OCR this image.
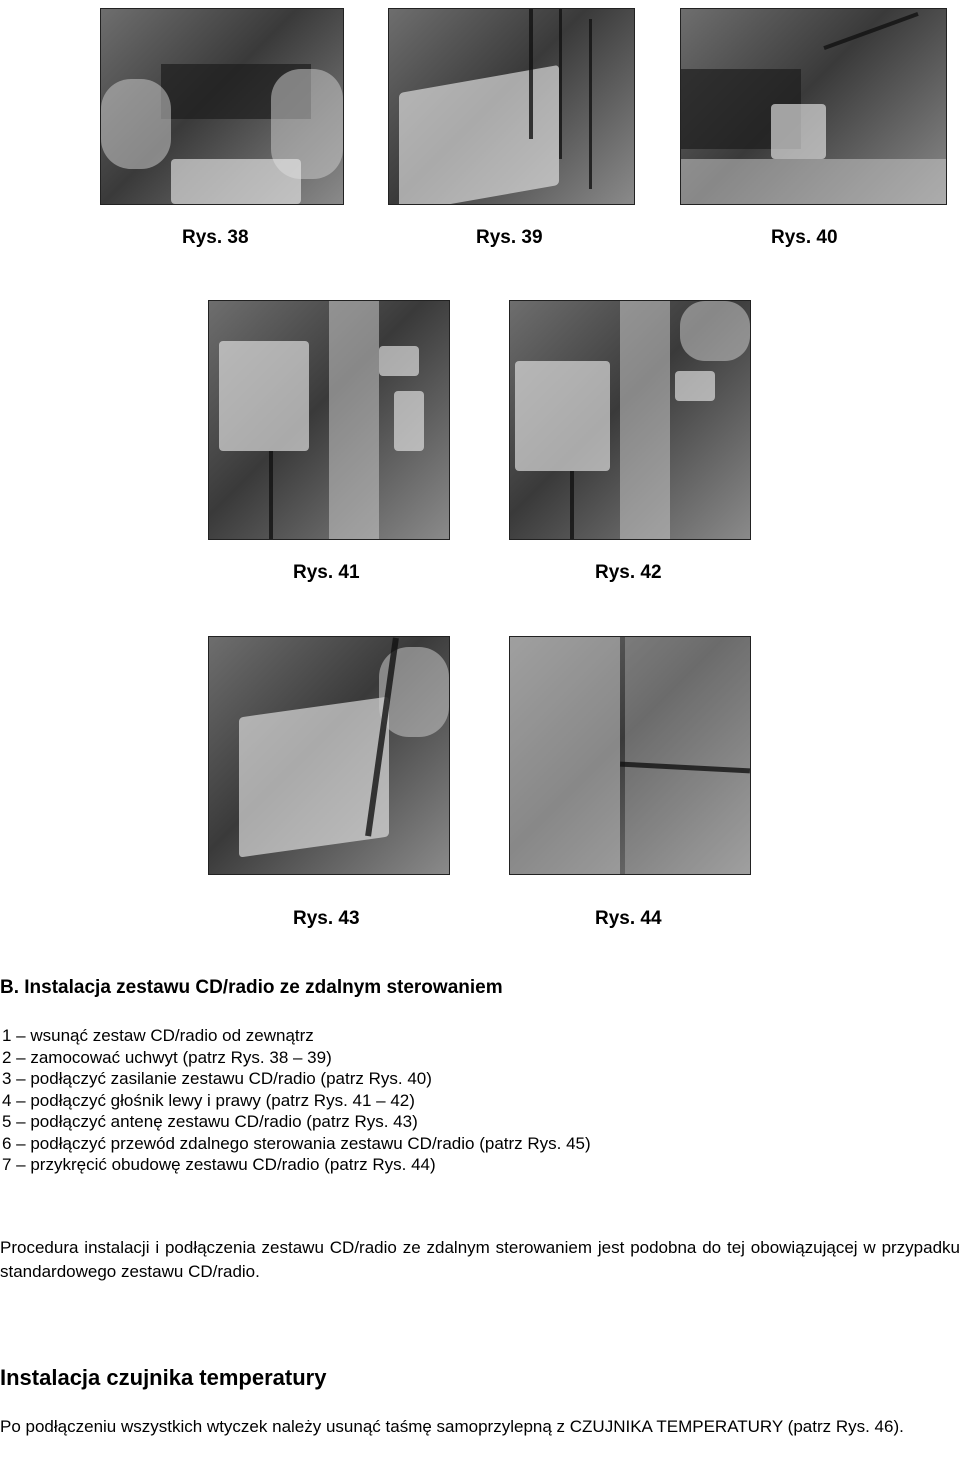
Rys. 38	Rys. 39	Rys. 40
Rys. 41	Rys. 42
Rys. 43	Rys. 44
B. Instalacja zestawu CD/radio ze zdalnym sterowaniem
1 – wsunąć zestaw CD/radio od zewnątrz
2 – zamocować uchwyt (patrz Rys. 38 – 39)
3 – podłączyć zasilanie zestawu CD/radio (patrz Rys. 40)
4 – podłączyć głośnik lewy i prawy (patrz Rys. 41 – 42)
5 – podłączyć antenę zestawu CD/radio (patrz Rys. 43)
6 – podłączyć przewód zdalnego sterowania zestawu CD/radio (patrz Rys. 45)
7 – przykręcić obudowę zestawu CD/radio (patrz Rys. 44)

Procedura instalacji i podłączenia zestawu CD/radio ze zdalnym sterowaniem jest podobna do tej obowiązującej w przypadku standardowego zestawu CD/radio.

Instalacja czujnika temperatury

Po podłączeniu wszystkich wtyczek należy usunąć taśmę samoprzylepną z CZUJNIKA TEMPERATURY (patrz Rys. 46).
